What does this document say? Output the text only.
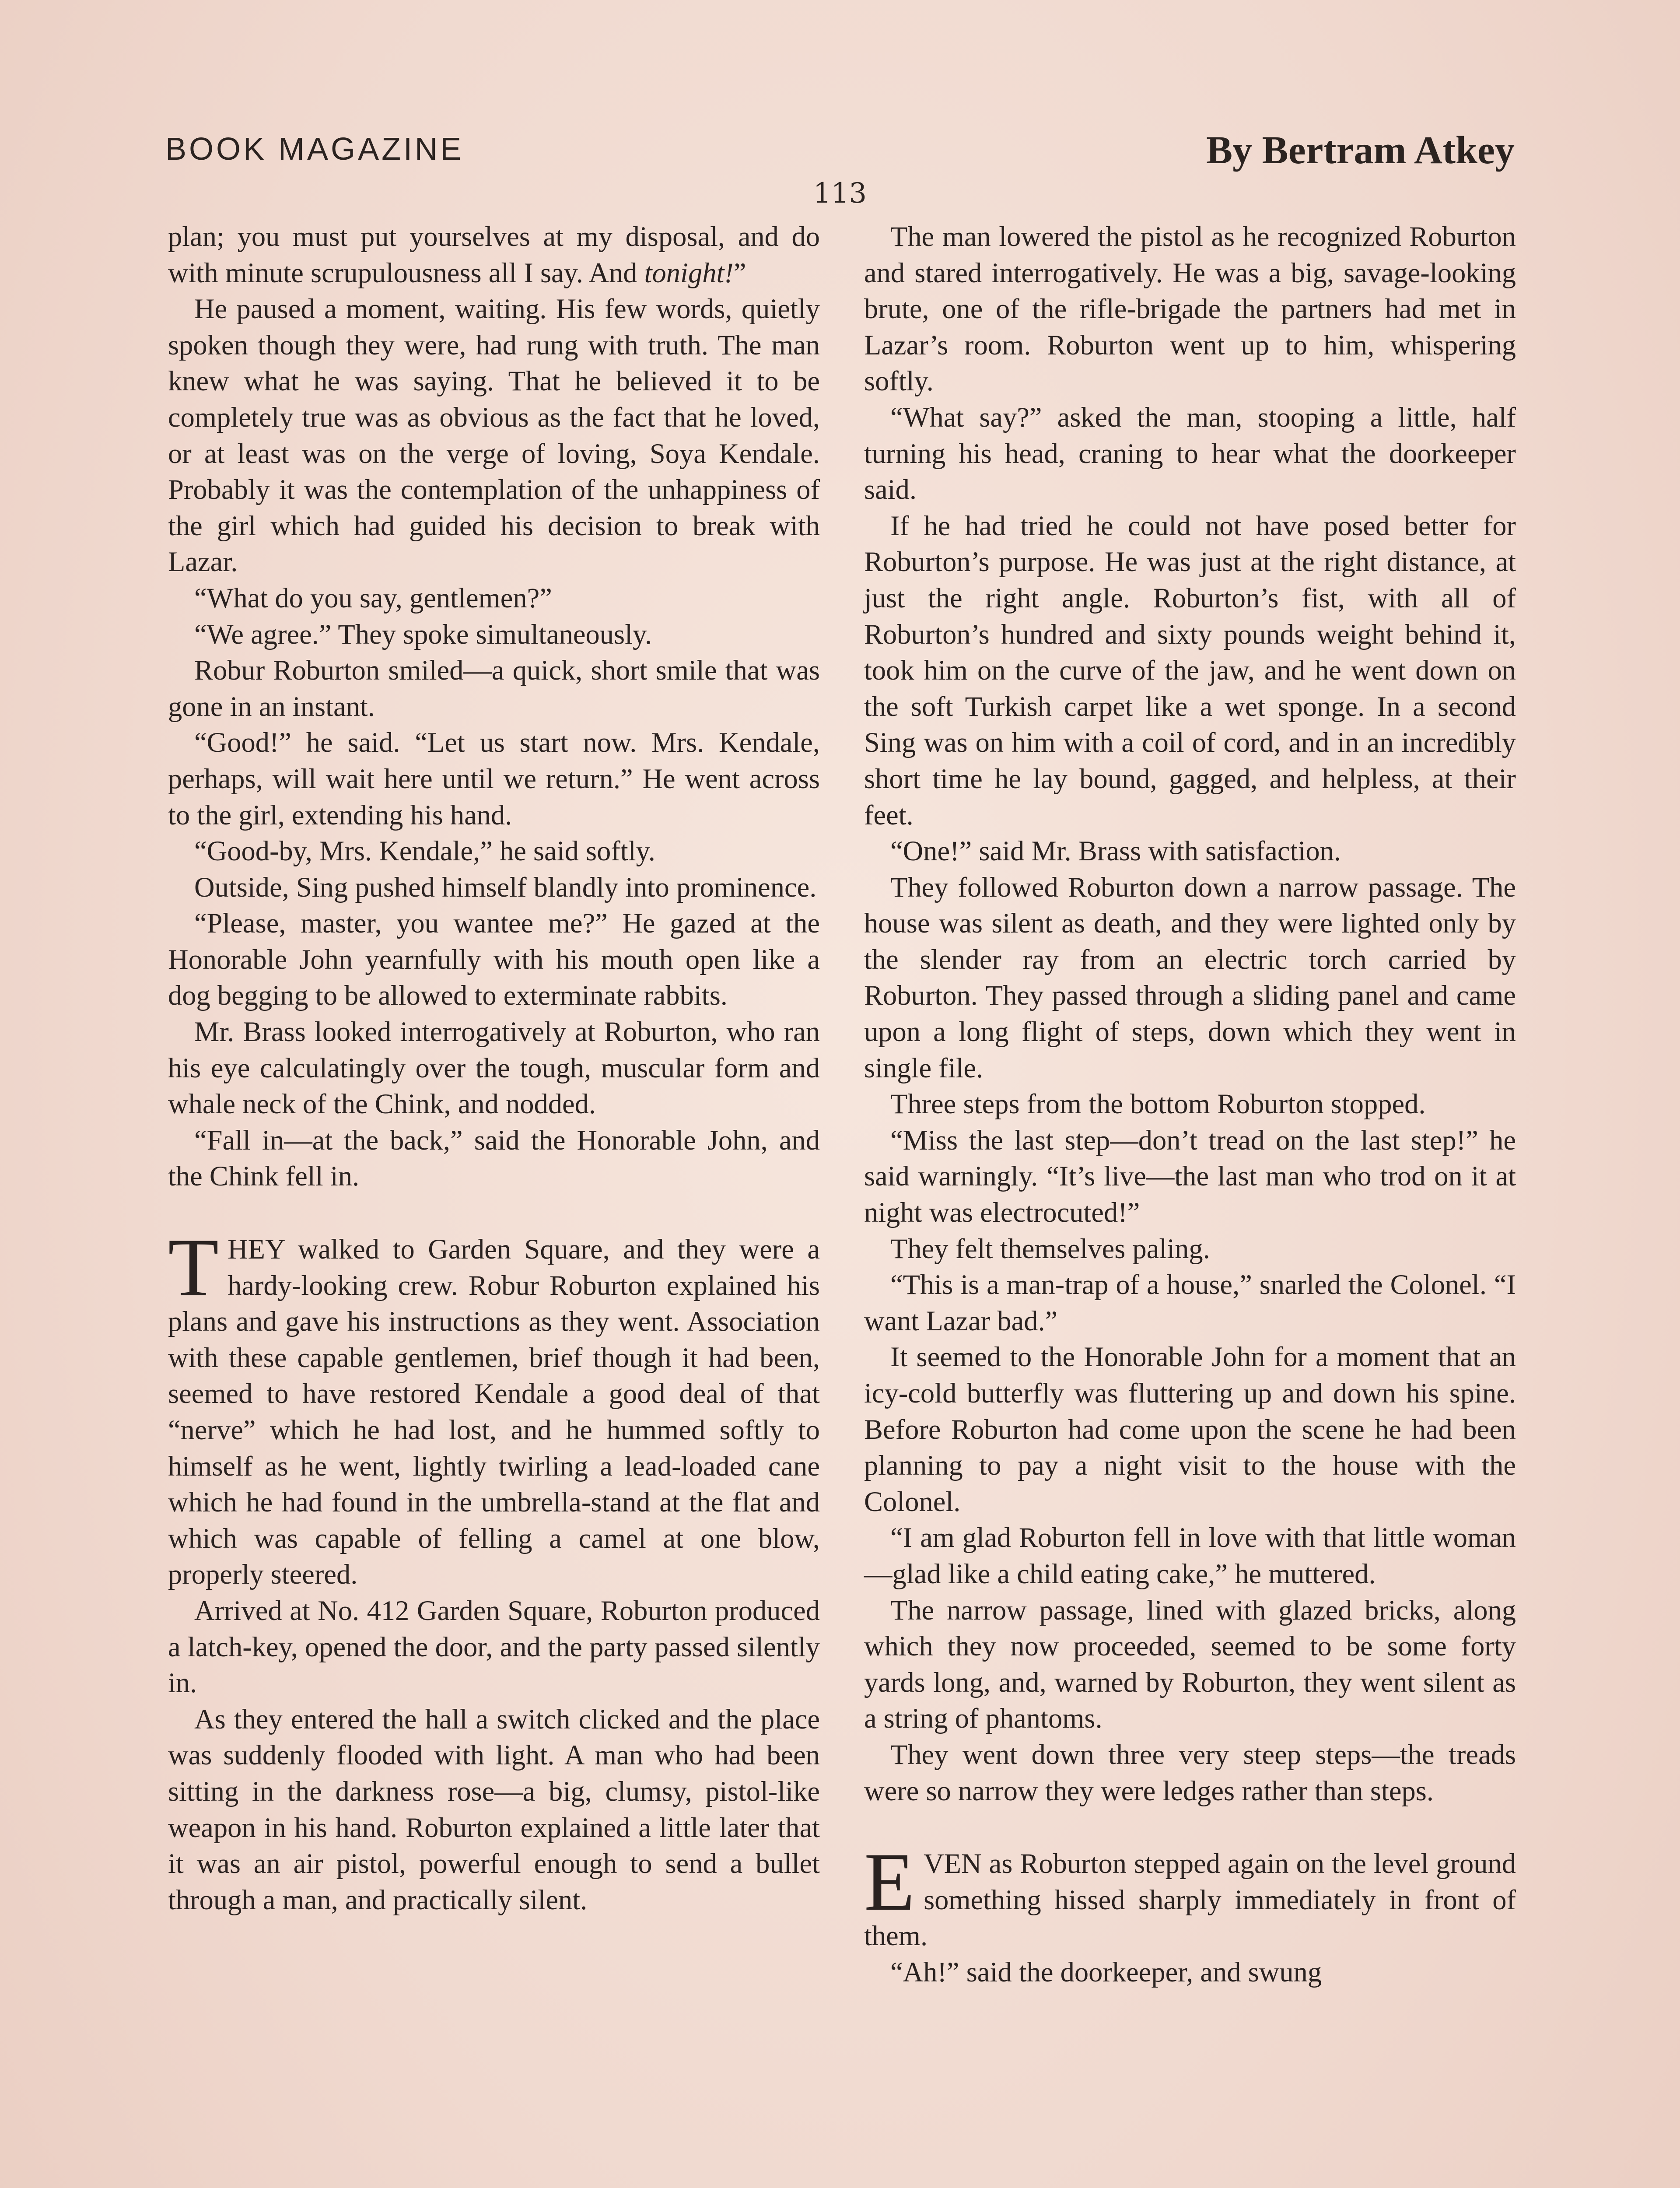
BOOK MAGAZINE	By Bertram Atkey
113

plan; you must put yourselves at my disposal, and do with minute scrupulousness all I say. And tonight!”

He paused a moment, waiting. His few words, quietly spoken though they were, had rung with truth. The man knew what he was saying. That he believed it to be completely true was as obvious as the fact that he loved, or at least was on the verge of loving, Soya Kendale. Probably it was the contemplation of the unhappiness of the girl which had guided his decision to break with Lazar.

“What do you say, gentlemen?”

“We agree.” They spoke simultaneously.

Robur Roburton smiled—a quick, short smile that was gone in an instant.

“Good!” he said. “Let us start now. Mrs. Kendale, perhaps, will wait here until we return.” He went across to the girl, extending his hand.

“Good-by, Mrs. Kendale,” he said softly.

Outside, Sing pushed himself blandly into prominence.

“Please, master, you wantee me?” He gazed at the Honorable John yearnfully with his mouth open like a dog begging to be allowed to exterminate rabbits.

Mr. Brass looked interrogatively at Roburton, who ran his eye calculatingly over the tough, muscular form and whale neck of the Chink, and nodded.

“Fall in—at the back,” said the Honorable John, and the Chink fell in.

THEY walked to Garden Square, and they were a hardy-looking crew. Robur Roburton explained his plans and gave his instructions as they went. Association with these capable gentlemen, brief though it had been, seemed to have restored Kendale a good deal of that “nerve” which he had lost, and he hummed softly to himself as he went, lightly twirling a lead-loaded cane which he had found in the umbrella-stand at the flat and which was capable of felling a camel at one blow, properly steered.

Arrived at No. 412 Garden Square, Roburton produced a latch-key, opened the door, and the party passed silently in.

As they entered the hall a switch clicked and the place was suddenly flooded with light. A man who had been sitting in the darkness rose—a big, clumsy, pistol-like weapon in his hand. Roburton explained a little later that it was an air pistol, powerful enough to send a bullet through a man, and practically silent.

The man lowered the pistol as he recognized Roburton and stared interrogatively. He was a big, savage-looking brute, one of the rifle-brigade the partners had met in Lazar’s room. Roburton went up to him, whispering softly.

“What say?” asked the man, stooping a little, half turning his head, craning to hear what the doorkeeper said.

If he had tried he could not have posed better for Roburton’s purpose. He was just at the right distance, at just the right angle. Roburton’s fist, with all of Roburton’s hundred and sixty pounds weight behind it, took him on the curve of the jaw, and he went down on the soft Turkish carpet like a wet sponge. In a second Sing was on him with a coil of cord, and in an incredibly short time he lay bound, gagged, and helpless, at their feet.

“One!” said Mr. Brass with satisfaction.

They followed Roburton down a narrow passage. The house was silent as death, and they were lighted only by the slender ray from an electric torch carried by Roburton. They passed through a sliding panel and came upon a long flight of steps, down which they went in single file.

Three steps from the bottom Roburton stopped.

“Miss the last step—don’t tread on the last step!” he said warningly. “It’s live—the last man who trod on it at night was electrocuted!”

They felt themselves paling.

“This is a man-trap of a house,” snarled the Colonel. “I want Lazar bad.”

It seemed to the Honorable John for a moment that an icy-cold butterfly was fluttering up and down his spine. Before Roburton had come upon the scene he had been planning to pay a night visit to the house with the Colonel.

“I am glad Roburton fell in love with that little woman—glad like a child eating cake,” he muttered.

The narrow passage, lined with glazed bricks, along which they now proceeded, seemed to be some forty yards long, and, warned by Roburton, they went silent as a string of phantoms.

They went down three very steep steps—the treads were so narrow they were ledges rather than steps.

EVEN as Roburton stepped again on the level ground something hissed sharply immediately in front of them.

“Ah!” said the doorkeeper, and swung
